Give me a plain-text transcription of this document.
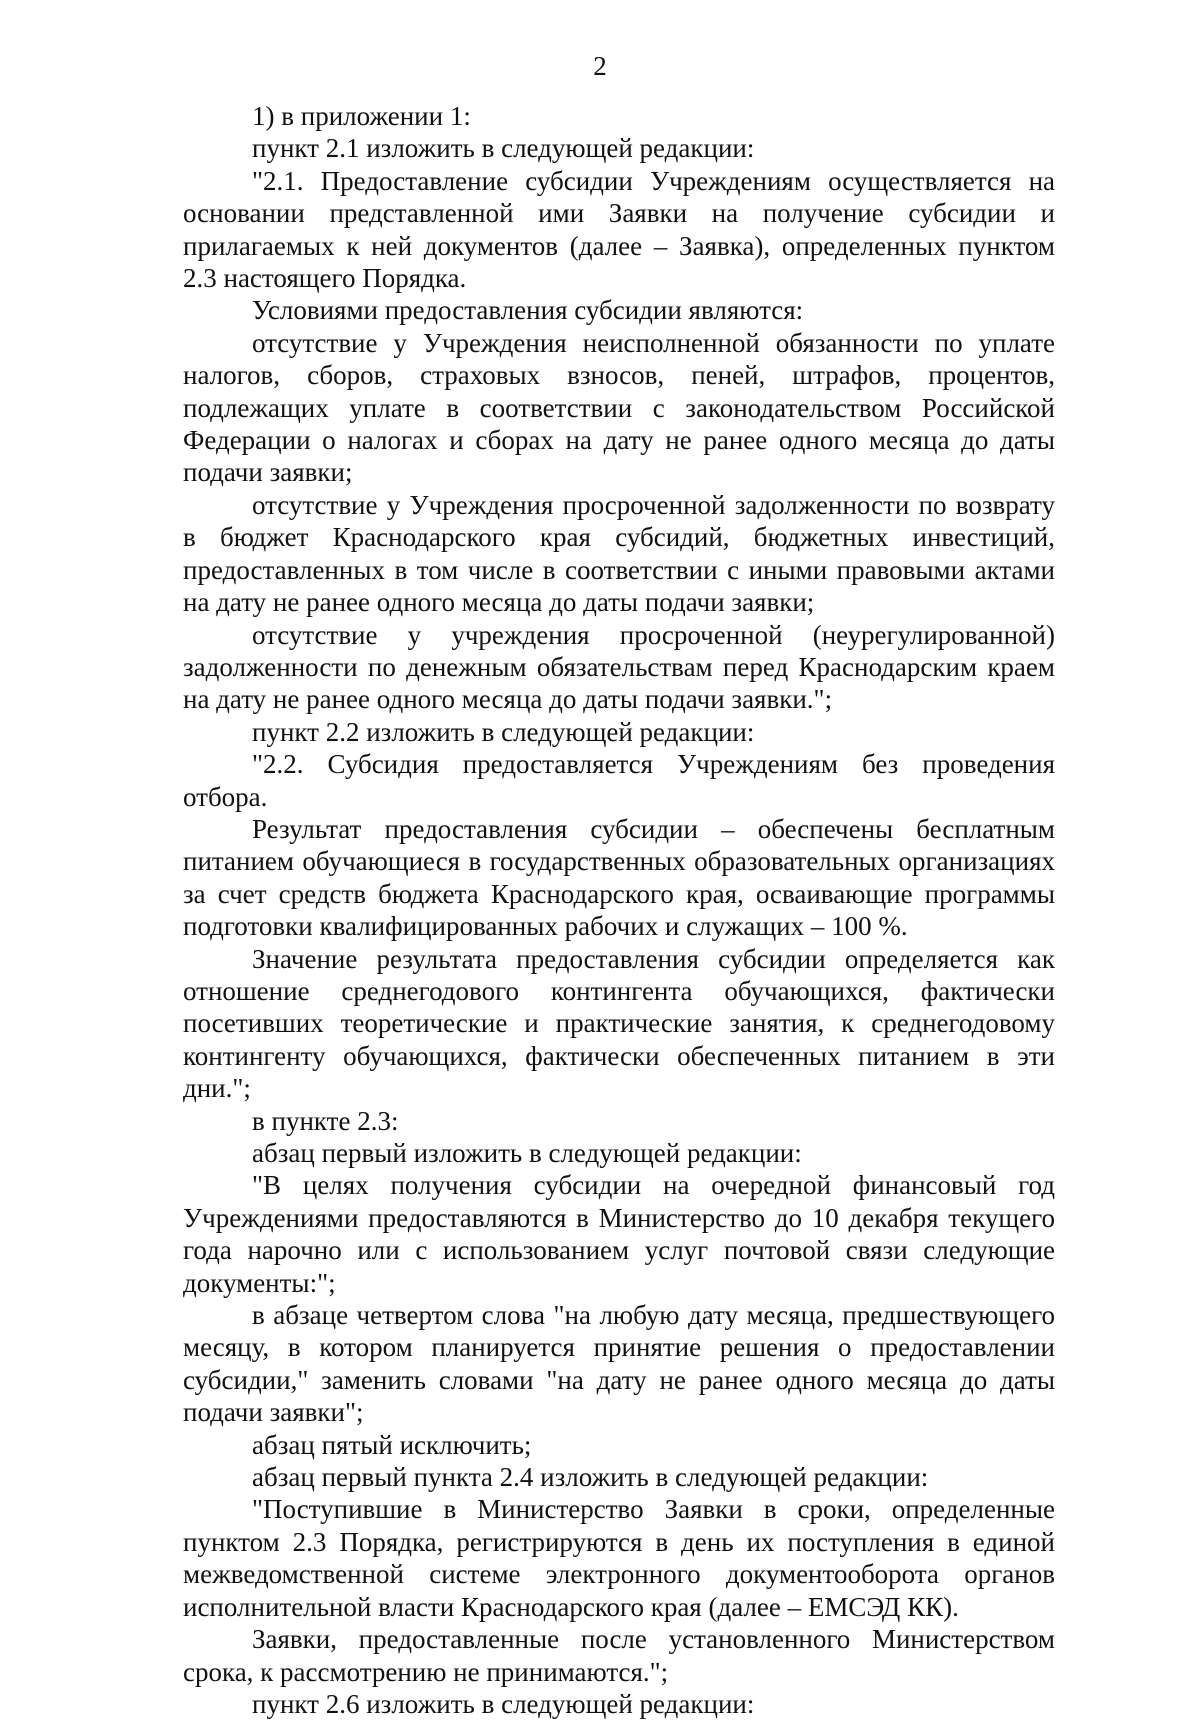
2

1) в приложении 1:

пункт 2.1 изложить в следующей редакции:

"2.1. Предоставление субсидии Учреждениям осуществляется на основании представленной ими Заявки на получение субсидии и прилагаемых к ней документов (далее – Заявка), определенных пунктом 2.3 настоящего Порядка.

Условиями предоставления субсидии являются:

отсутствие у Учреждения неисполненной обязанности по уплате налогов, сборов, страховых взносов, пеней, штрафов, процентов, подлежащих уплате в соответствии с законодательством Российской Федерации о налогах и сборах на дату не ранее одного месяца до даты подачи заявки;

отсутствие у Учреждения просроченной задолженности по возврату в бюджет Краснодарского края субсидий, бюджетных инвестиций, предоставленных в том числе в соответствии с иными правовыми актами на дату не ранее одного месяца до даты подачи заявки;

отсутствие у учреждения просроченной (неурегулированной) задолженности по денежным обязательствам перед Краснодарским краем на дату не ранее одного месяца до даты подачи заявки.";

пункт 2.2 изложить в следующей редакции:

"2.2. Субсидия предоставляется Учреждениям без проведения отбора.

Результат предоставления субсидии – обеспечены бесплатным питанием обучающиеся в государственных образовательных организациях за счет средств бюджета Краснодарского края, осваивающие программы подготовки квалифицированных рабочих и служащих – 100 %.

Значение результата предоставления субсидии определяется как отношение среднегодового контингента обучающихся, фактически посетивших теоретические и практические занятия, к среднегодовому контингенту обучающихся, фактически обеспеченных питанием в эти дни.";

в пункте 2.3:

абзац первый изложить в следующей редакции:

"В целях получения субсидии на очередной финансовый год Учреждениями предоставляются в Министерство до 10 декабря текущего года нарочно или с использованием услуг почтовой связи следующие документы:";

в абзаце четвертом слова "на любую дату месяца, предшествующего месяцу, в котором планируется принятие решения о предоставлении субсидии," заменить словами "на дату не ранее одного месяца до даты подачи заявки";

абзац пятый исключить;

абзац первый пункта 2.4 изложить в следующей редакции:

"Поступившие в Министерство Заявки в сроки, определенные пунктом 2.3 Порядка, регистрируются в день их поступления в единой межведомственной системе электронного документооборота органов исполнительной власти Краснодарского края (далее – ЕМСЭД КК).

Заявки, предоставленные после установленного Министерством срока, к рассмотрению не принимаются.";

пункт 2.6 изложить в следующей редакции:
